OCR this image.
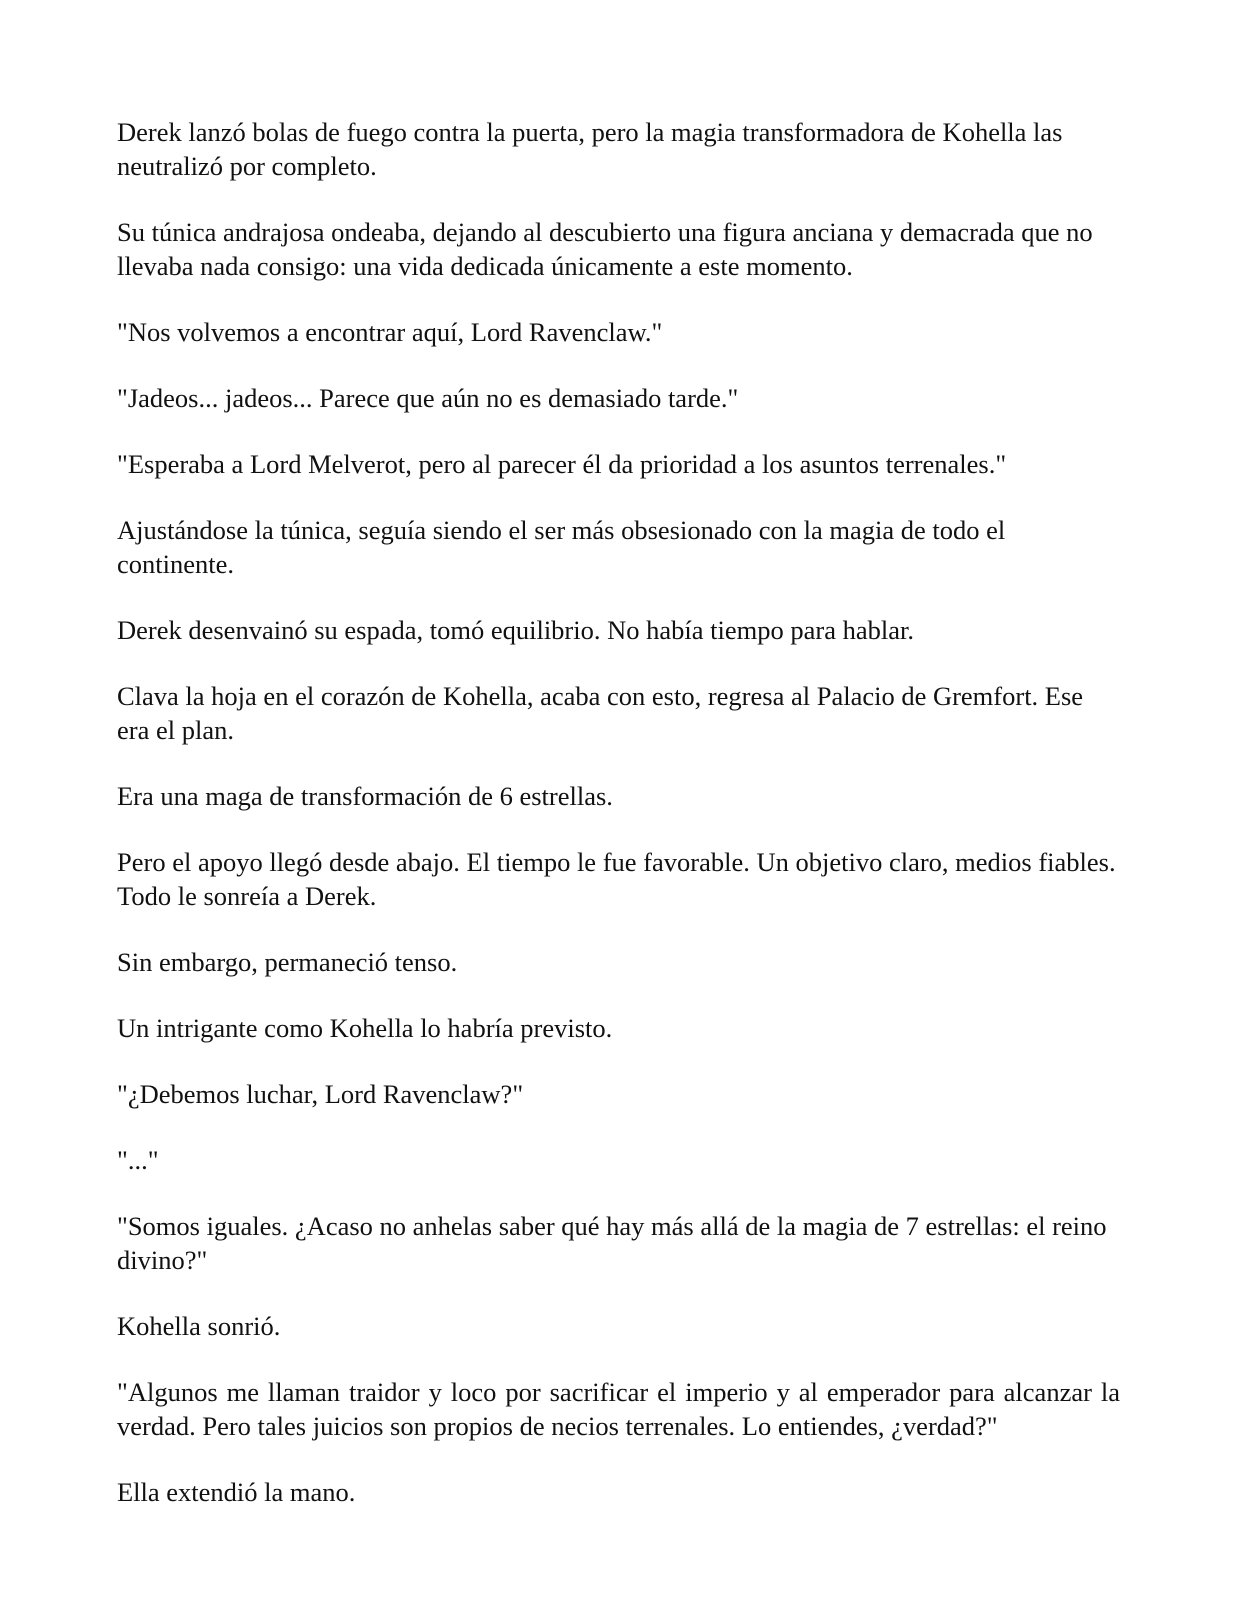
Derek lanzó bolas de fuego contra la puerta, pero la magia transformadora de Kohella las neutralizó por completo.

Su túnica andrajosa ondeaba, dejando al descubierto una figura anciana y demacrada que no llevaba nada consigo: una vida dedicada únicamente a este momento.

"Nos volvemos a encontrar aquí, Lord Ravenclaw."

"Jadeos... jadeos... Parece que aún no es demasiado tarde."

"Esperaba a Lord Melverot, pero al parecer él da prioridad a los asuntos terrenales."

Ajustándose la túnica, seguía siendo el ser más obsesionado con la magia de todo el continente.

Derek desenvainó su espada, tomó equilibrio. No había tiempo para hablar.

Clava la hoja en el corazón de Kohella, acaba con esto, regresa al Palacio de Gremfort. Ese era el plan.

Era una maga de transformación de 6 estrellas.

Pero el apoyo llegó desde abajo. El tiempo le fue favorable. Un objetivo claro, medios fiables. Todo le sonreía a Derek.

Sin embargo, permaneció tenso.

Un intrigante como Kohella lo habría previsto.

"¿Debemos luchar, Lord Ravenclaw?"

"..."

"Somos iguales. ¿Acaso no anhelas saber qué hay más allá de la magia de 7 estrellas: el reino divino?"

Kohella sonrió.

"Algunos me llaman traidor y loco por sacrificar el imperio y al emperador para alcanzar la verdad. Pero tales juicios son propios de necios terrenales. Lo entiendes, ¿verdad?"

Ella extendió la mano.
